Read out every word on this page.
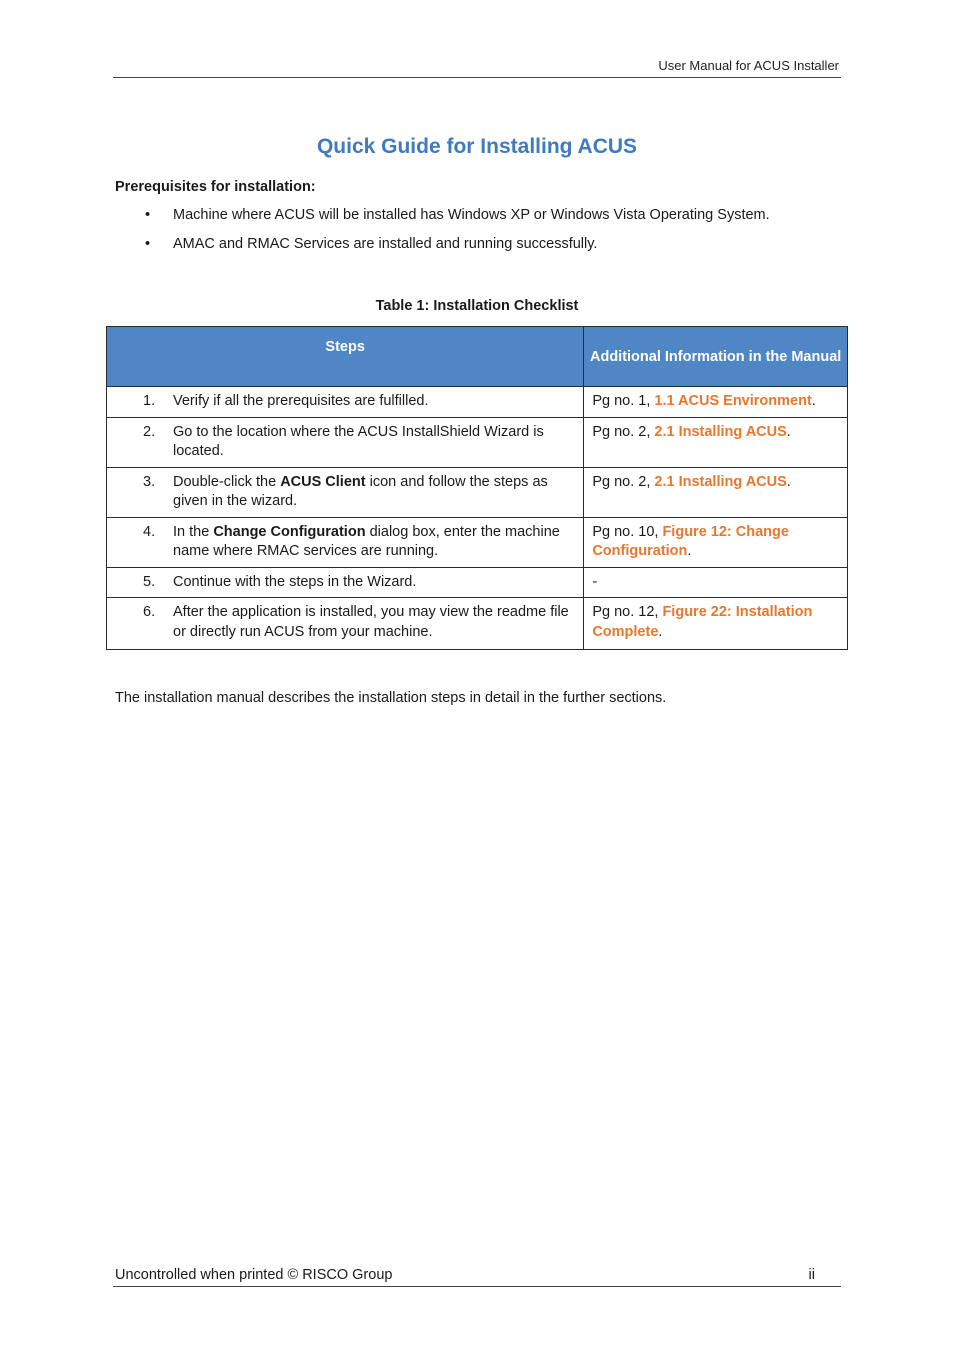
User Manual for ACUS Installer
Quick Guide for Installing ACUS
Prerequisites for installation:
• Machine where ACUS will be installed has Windows XP or Windows Vista Operating System.
• AMAC and RMAC Services are installed and running successfully.
Table 1: Installation Checklist
Steps	Additional Information in the Manual

1. Verify if all the prerequisites are fulfilled.	Pg no. 1, 1.1 ACUS Environment.

2. Go to the location where the ACUS InstallShield Wizard is located.	Pg no. 2, 2.1 Installing ACUS.

3. Double-click the ACUS Client icon and follow the steps as given in the wizard.	Pg no. 2, 2.1 Installing ACUS.

4. In the Change Configuration dialog box, enter the machine name where RMAC services are running.	Pg no. 10, Figure 12: Change Configuration.

5. Continue with the steps in the Wizard.	-

6. After the application is installed, you may view the readme file or directly run ACUS from your machine.	Pg no. 12, Figure 22: Installation Complete.
The installation manual describes the installation steps in detail in the further sections.
Uncontrolled when printed © RISCO Group	ii
